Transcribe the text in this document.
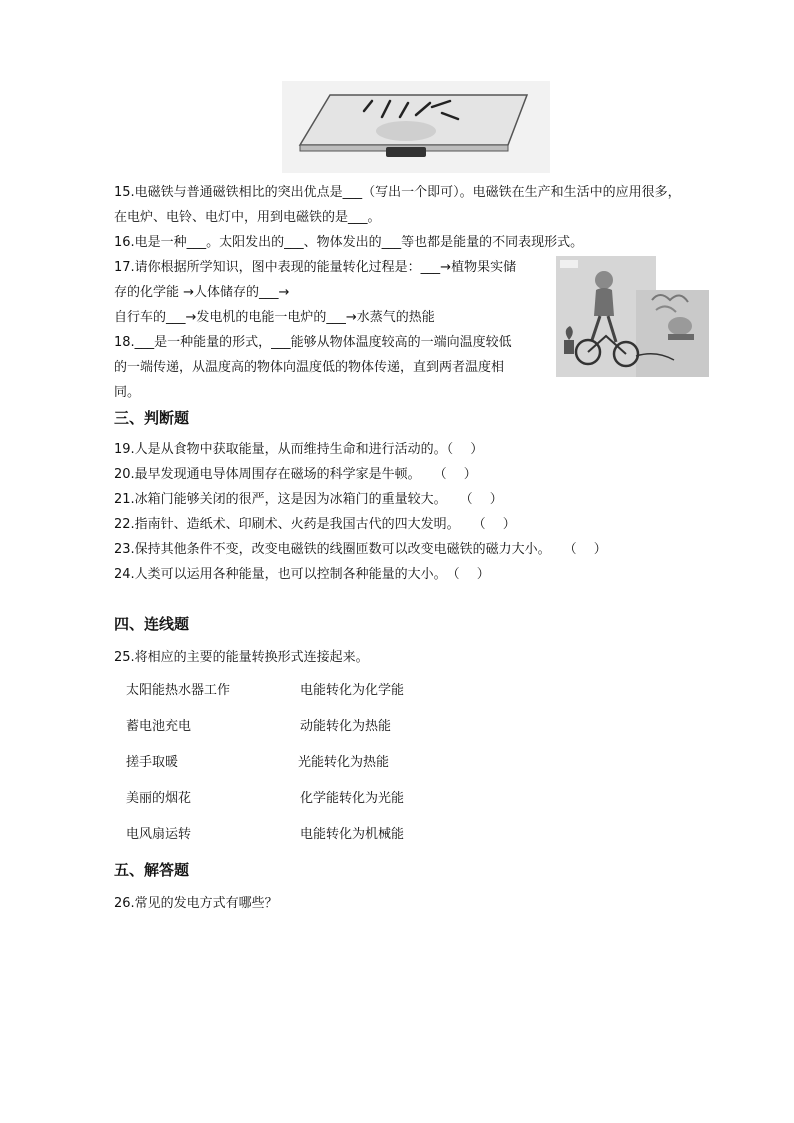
15.电磁铁与普通磁铁相比的突出优点是___（写出一个即可）。电磁铁在生产和生活中的应用很多，
在电炉、电铃、电灯中，用到电磁铁的是___。
16.电是一种___。太阳发出的___、物体发出的___等也都是能量的不同表现形式。
17.请你根据所学知识，图中表现的能量转化过程是：___→植物果实储
存的化学能 →人体储存的___→
自行车的___→发电机的电能一电炉的___→水蒸气的热能
18.___是一种能量的形式，___能够从物体温度较高的一端向温度较低
的一端传递，从温度高的物体向温度低的物体传递，直到两者温度相
同。
三、判断题
19.人是从食物中获取能量，从而维持生命和进行活动的。（　 ）
20.最早发现通电导体周围存在磁场的科学家是牛顿。　　（　 ）
21.冰箱门能够关闭的很严，这是因为冰箱门的重量较大。　　（　 ）
22.指南针、造纸术、印刷术、火药是我国古代的四大发明。　　（　 ）
23.保持其他条件不变，改变电磁铁的线圈匝数可以改变电磁铁的磁力大小。　　（　 ）
24.人类可以运用各种能量，也可以控制各种能量的大小。　（　 ）
四、连线题
25.将相应的主要的能量转换形式连接起来。
太阳能热水器工作
蓄电池充电
搓手取暖
美丽的烟花
电风扇运转
电能转化为化学能
动能转化为热能
光能转化为热能
化学能转化为光能
电能转化为机械能
五、解答题
26.常见的发电方式有哪些？
